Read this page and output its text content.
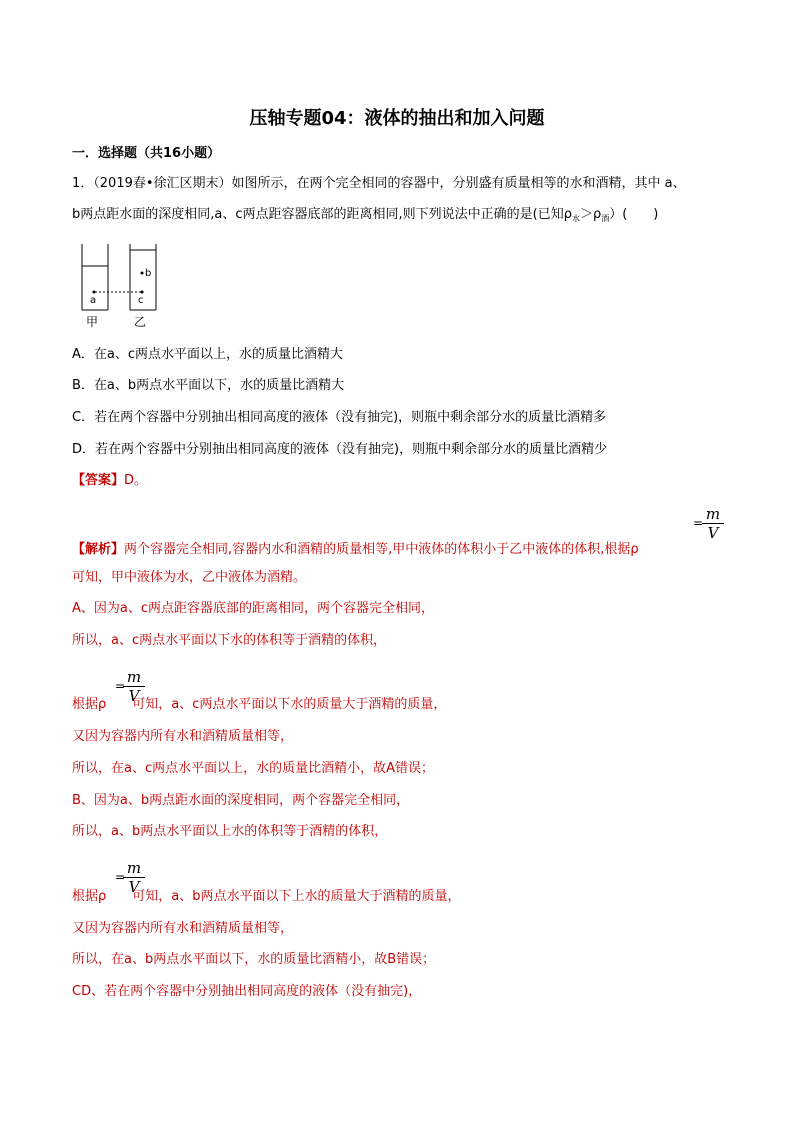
压轴专题04：液体的抽出和加入问题
一．选择题（共16小题）
1．（2019春•徐汇区期末）如图所示，在两个完全相同的容器中，分别盛有质量相等的水和酒精，其中 a、
b两点距水面的深度相同,a、c两点距容器底部的距离相同,则下列说法中正确的是(已知$\rho_水>\rho_酒$）(　　)
a	c
b
甲	乙
A．在a、c两点水平面以上，水的质量比酒精大
B．在a、b两点水平面以下，水的质量比酒精大
C．若在两个容器中分别抽出相同高度的液体（没有抽完)，则瓶中剩余部分水的质量比酒精多
D．若在两个容器中分别抽出相同高度的液体（没有抽完)，则瓶中剩余部分水的质量比酒精少
【答案】D。
【解析】两个容器完全相同,容器内水和酒精的质量相等,甲中液体的体积小于乙中液体的体积,根据ρ
= m
V
可知，甲中液体为水，乙中液体为酒精。
A、因为a、c两点距容器底部的距离相同，两个容器完全相同，
所以，a、c两点水平面以下水的体积等于酒精的体积，
= m
V
根据ρ 可知，a、c两点水平面以下水的质量大于酒精的质量，
又因为容器内所有水和酒精质量相等，
所以，在a、c两点水平面以上，水的质量比酒精小，故A错误；
B、因为a、b两点距水面的深度相同，两个容器完全相同，
所以，a、b两点水平面以上水的体积等于酒精的体积，
= m
V
根据ρ 可知，a、b两点水平面以下上水的质量大于酒精的质量，
又因为容器内所有水和酒精质量相等，
所以，在a、b两点水平面以下，水的质量比酒精小，故B错误；
CD、若在两个容器中分别抽出相同高度的液体（没有抽完)，
